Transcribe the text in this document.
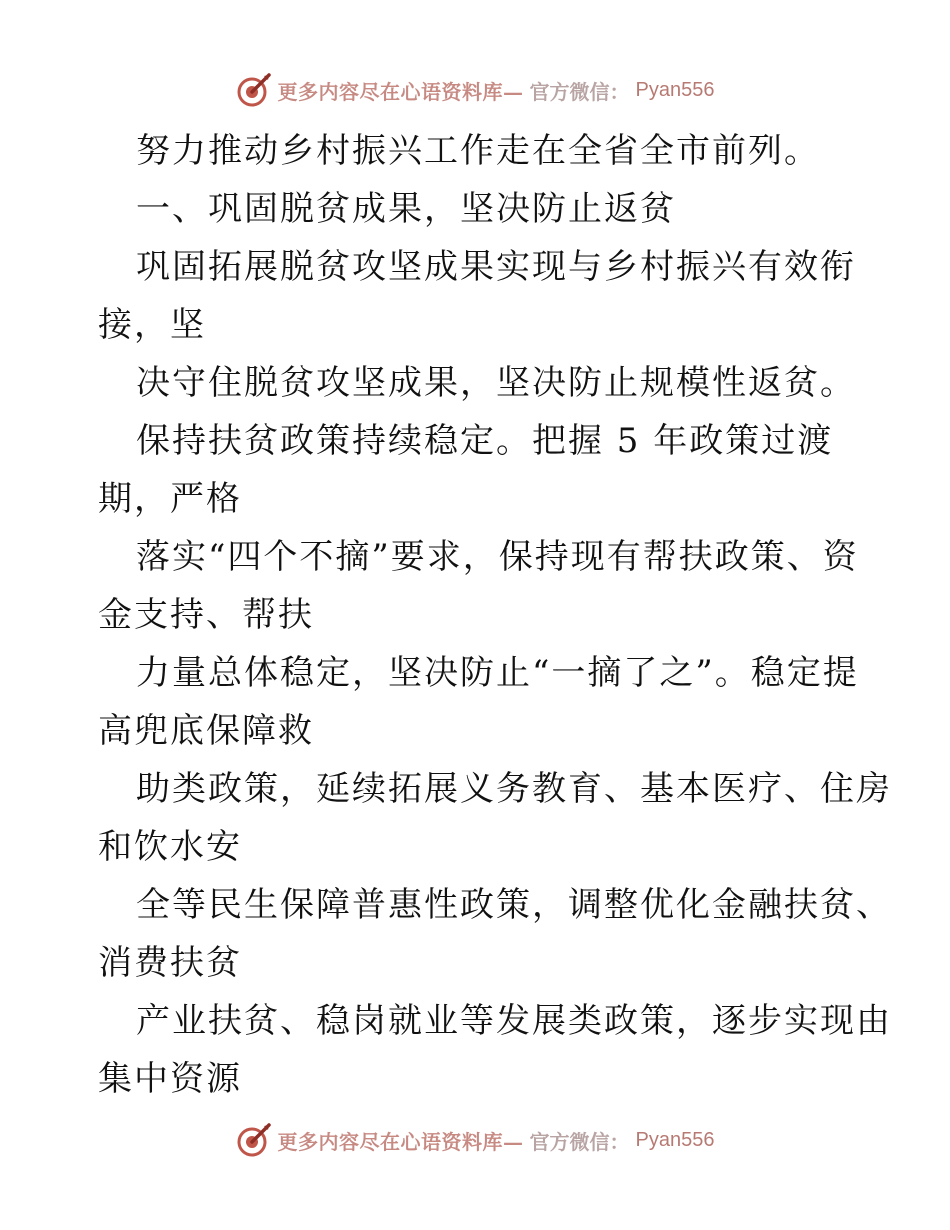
更多内容尽在心语资料库— 官方微信： Pyan556

努力推动乡村振兴工作走在全省全市前列。

一、巩固脱贫成果，坚决防止返贫

巩固拓展脱贫攻坚成果实现与乡村振兴有效衔

接，坚

决守住脱贫攻坚成果，坚决防止规模性返贫。

保持扶贫政策持续稳定。把握 5 年政策过渡

期，严格

落实“四个不摘”要求，保持现有帮扶政策、资

金支持、帮扶

力量总体稳定，坚决防止“一摘了之”。稳定提

高兜底保障救

助类政策，延续拓展义务教育、基本医疗、住房

和饮水安

全等民生保障普惠性政策，调整优化金融扶贫、

消费扶贫

产业扶贫、稳岗就业等发展类政策，逐步实现由

集中资源

更多内容尽在心语资料库— 官方微信： Pyan556
